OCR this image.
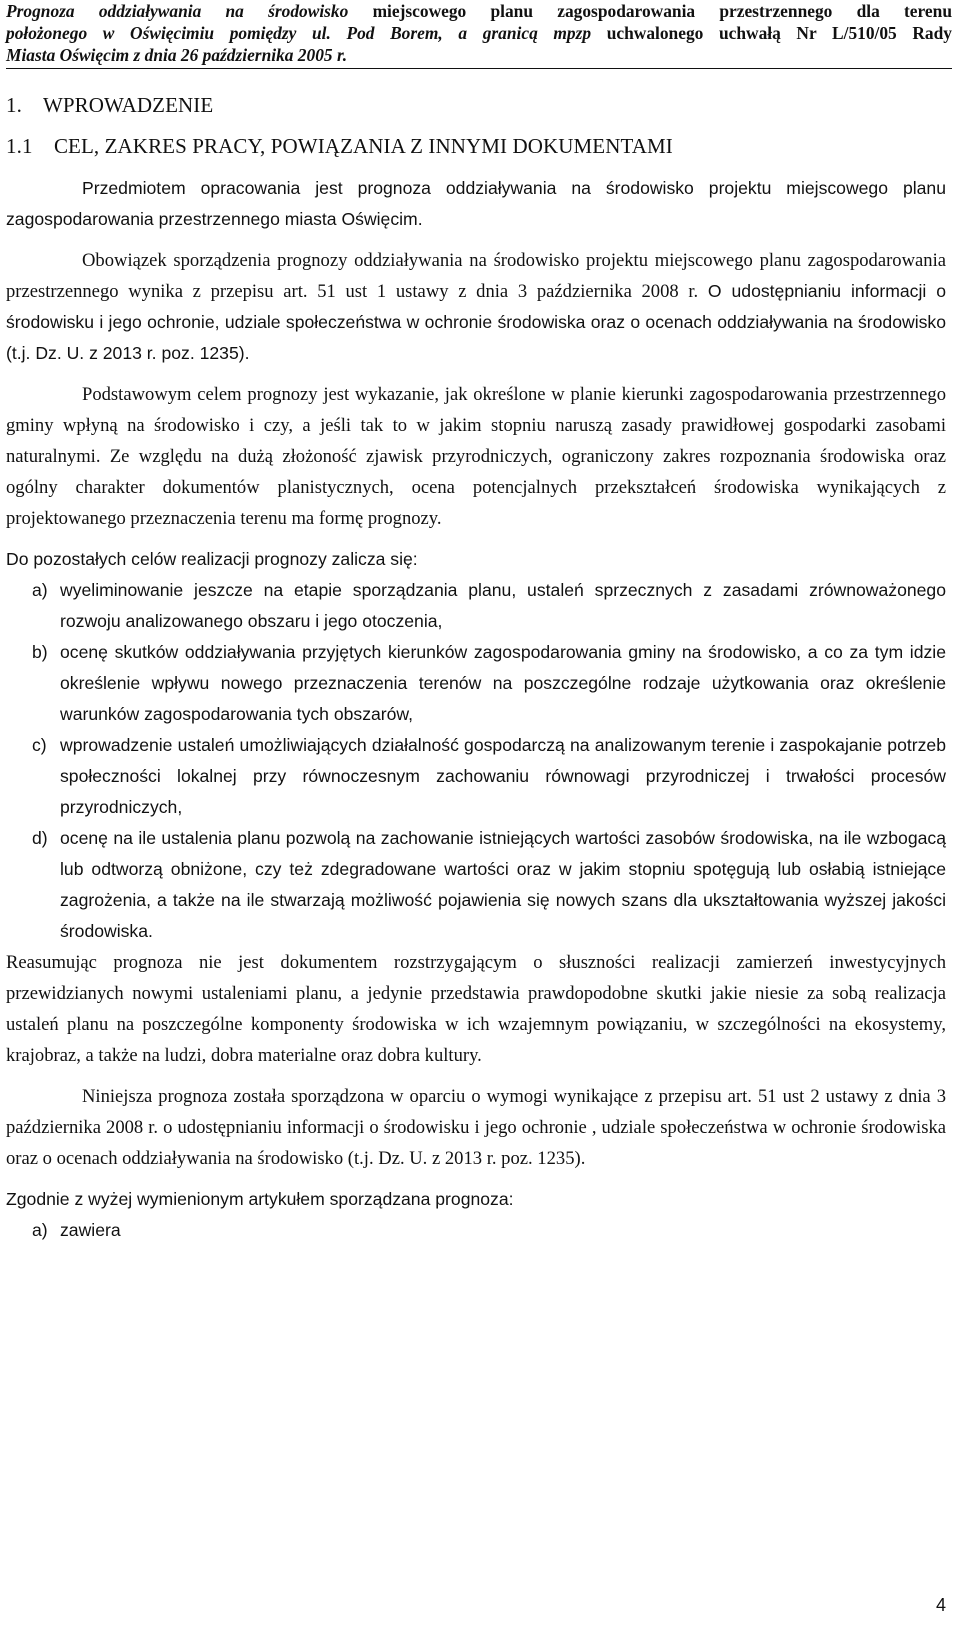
Prognoza oddziaływania na środowisko miejscowego planu zagospodarowania przestrzennego dla terenu
położonego w Oświęcimiu pomiędzy ul. Pod Borem, a granicą mpzp uchwalonego uchwałą Nr L/510/05 Rady
Miasta Oświęcim z dnia 26 października 2005 r.
1.    WPROWADZENIE
1.1    CEL, ZAKRES PRACY, POWIĄZANIA Z INNYMI DOKUMENTAMI

Przedmiotem opracowania jest prognoza oddziaływania na środowisko projektu miejscowego planu zagospodarowania przestrzennego miasta Oświęcim.

Obowiązek sporządzenia prognozy oddziaływania na środowisko projektu miejscowego planu zagospodarowania przestrzennego wynika z przepisu art. 51 ust 1 ustawy z dnia 3 października 2008 r. O udostępnianiu informacji o środowisku i jego ochronie, udziale społeczeństwa w ochronie środowiska oraz o ocenach oddziaływania na środowisko (t.j. Dz. U. z 2013 r. poz. 1235).

Podstawowym celem prognozy jest wykazanie, jak określone w planie kierunki zagospodarowania przestrzennego gminy wpłyną na środowisko i czy, a jeśli tak to w jakim stopniu naruszą zasady prawidłowej gospodarki zasobami naturalnymi. Ze względu na dużą złożoność zjawisk przyrodniczych, ograniczony zakres rozpoznania środowiska oraz ogólny charakter dokumentów planistycznych, ocena potencjalnych przekształceń środowiska wynikających z projektowanego przeznaczenia terenu ma formę prognozy.

Do pozostałych celów realizacji prognozy zalicza się:

a) wyeliminowanie jeszcze na etapie sporządzania planu, ustaleń sprzecznych z zasadami zrównoważonego rozwoju analizowanego obszaru i jego otoczenia,
b) ocenę skutków oddziaływania przyjętych kierunków zagospodarowania gminy na środowisko, a co za tym idzie określenie wpływu nowego przeznaczenia terenów na poszczególne rodzaje użytkowania oraz określenie warunków zagospodarowania tych obszarów,
c) wprowadzenie ustaleń umożliwiających działalność gospodarczą na analizowanym terenie i zaspokajanie potrzeb społeczności lokalnej przy równoczesnym zachowaniu równowagi przyrodniczej i trwałości procesów przyrodniczych,
d) ocenę na ile ustalenia planu pozwolą na zachowanie istniejących wartości zasobów środowiska, na ile wzbogacą lub odtworzą obniżone, czy też zdegradowane wartości oraz w jakim stopniu spotęgują lub osłabią istniejące zagrożenia, a także na ile stwarzają możliwość pojawienia się nowych szans dla ukształtowania wyższej jakości środowiska.

Reasumując prognoza nie jest dokumentem rozstrzygającym o słuszności realizacji zamierzeń inwestycyjnych przewidzianych nowymi ustaleniami planu, a jedynie przedstawia prawdopodobne skutki jakie niesie za sobą realizacja ustaleń planu na poszczególne komponenty środowiska w ich wzajemnym powiązaniu, w szczególności na ekosystemy, krajobraz, a także na ludzi, dobra materialne oraz dobra kultury.

Niniejsza prognoza została sporządzona w oparciu o wymogi wynikające z przepisu art. 51 ust 2 ustawy z dnia 3 października 2008 r. o udostępnianiu informacji o środowisku i jego ochronie , udziale społeczeństwa w ochronie środowiska oraz o ocenach oddziaływania na środowisko (t.j. Dz. U. z 2013 r. poz. 1235).

Zgodnie z wyżej wymienionym artykułem sporządzana prognoza:

a) zawiera
4
